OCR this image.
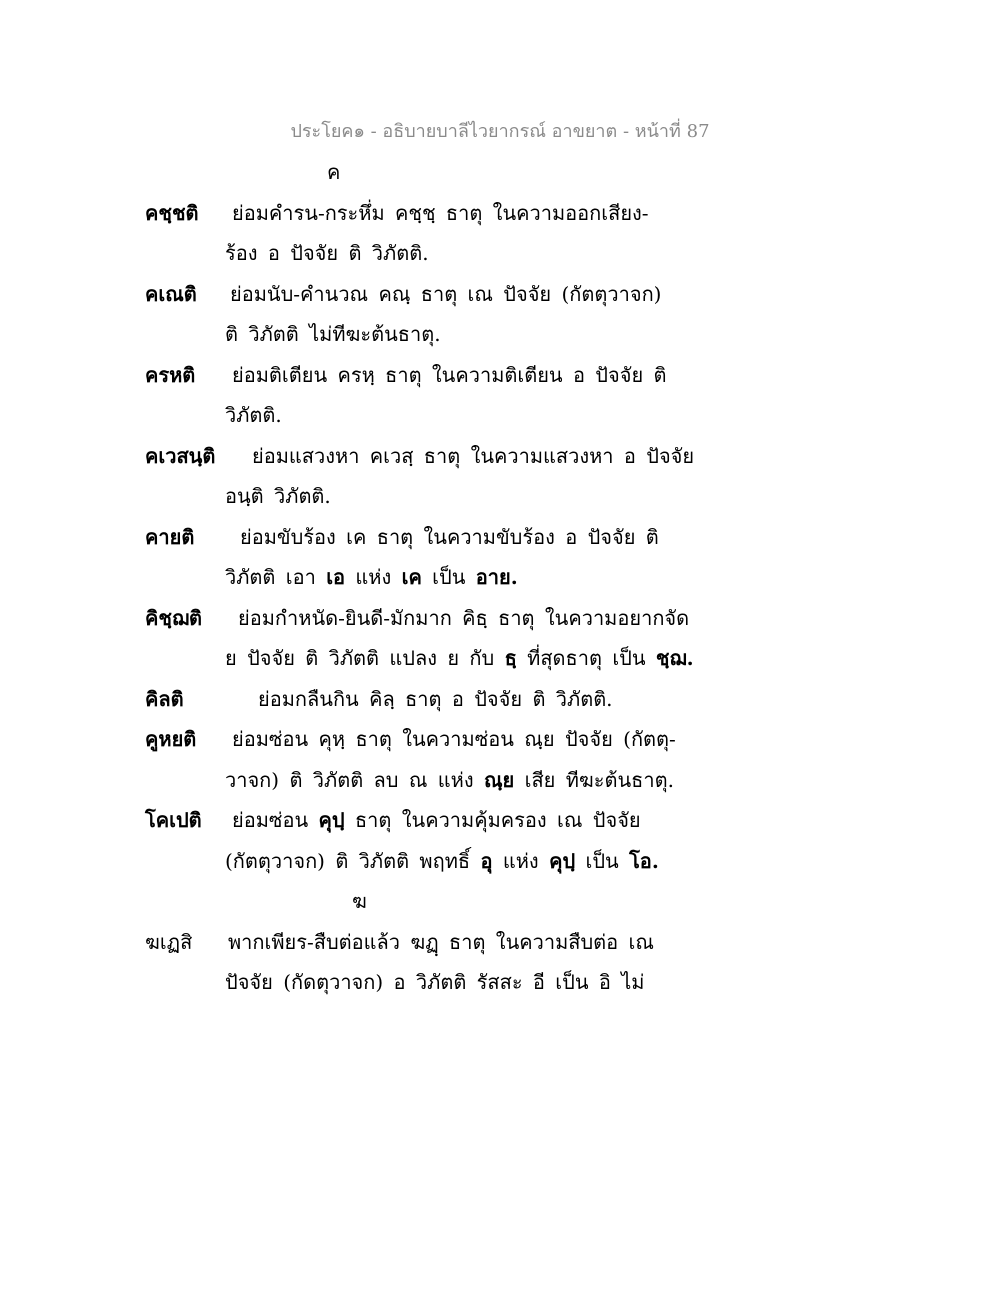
ประโยค๑ - อธิบายบาลีไวยากรณ์ อาขยาต - หน้าที่ 87
ค
คชฺชติ ย่อมคำรน-กระหึ่ม คชฺชฺ ธาตุ ในความออกเสียง-
ร้อง อ ปัจจัย ติ วิภัตติ.
คเณติ ย่อมนับ-คำนวณ คณฺ ธาตุ เณ ปัจจัย (กัตตุวาจก)
ติ วิภัตติ ไม่ทีฆะต้นธาตุ.
ครหติ ย่อมติเตียน ครหฺ ธาตุ ในความติเตียน อ ปัจจัย ติ
วิภัตติ.
คเวสนฺติ ย่อมแสวงหา คเวสฺ ธาตุ ในความแสวงหา อ ปัจจัย
อนฺติ วิภัตติ.
คายติ ย่อมขับร้อง เค ธาตุ ในความขับร้อง อ ปัจจัย ติ
วิภัตติ เอา เอ แห่ง เค เป็น อาย.
คิชฺฌติ ย่อมกำหนัด-ยินดี-มักมาก คิธฺ ธาตุ ในความอยากจัด
ย ปัจจัย ติ วิภัตติ แปลง ย กับ ธฺ ที่สุดธาตุ เป็น ชฺฌ.
คิลติ	ย่อมกลืนกิน คิลฺ ธาตุ อ ปัจจัย ติ วิภัตติ.
คูหยติ ย่อมซ่อน คุหฺ ธาตุ ในความซ่อน ณฺย ปัจจัย (กัตตุ-
วาจก) ติ วิภัตติ ลบ ณ แห่ง ณฺย เสีย ทีฆะต้นธาตุ.
โคเปติ ย่อมซ่อน คุปฺ ธาตุ ในความคุ้มครอง เณ ปัจจัย
(กัตตุวาจก) ติ วิภัตติ พฤทธิ์ อุ แห่ง คุปฺ เป็น โอ.
ฆ
ฆเฏสิ พากเพียร-สืบต่อแล้ว ฆฏฺ ธาตุ ในความสืบต่อ เณ
ปัจจัย (กัดตุวาจก) อ วิภัตติ รัสสะ อี เป็น อิ ไม่
